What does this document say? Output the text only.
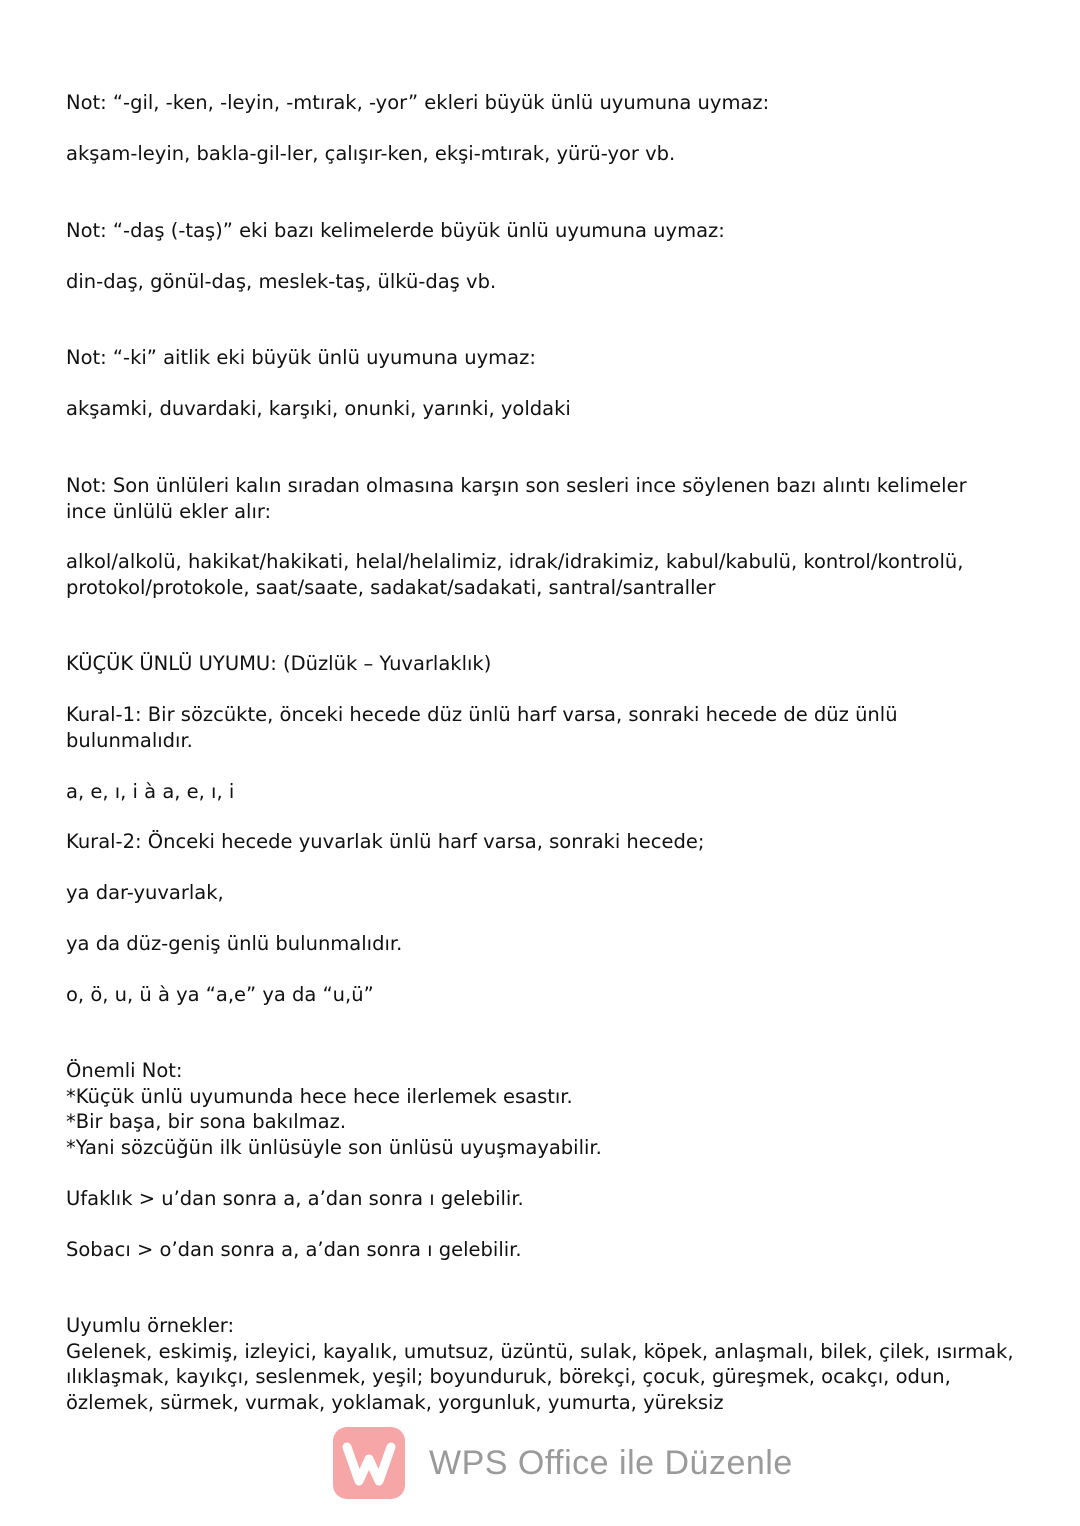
Not: “-gil, -ken, -leyin, -mtırak, -yor” ekleri büyük ünlü uyumuna uymaz:
akşam-leyin, bakla-gil-ler, çalışır-ken, ekşi-mtırak, yürü-yor vb.
Not: “-daş (-taş)” eki bazı kelimelerde büyük ünlü uyumuna uymaz:
din-daş, gönül-daş, meslek-taş, ülkü-daş vb.
Not: “-ki” aitlik eki büyük ünlü uyumuna uymaz:
akşamki, duvardaki, karşıki, onunki, yarınki, yoldaki
Not: Son ünlüleri kalın sıradan olmasına karşın son sesleri ince söylenen bazı alıntı kelimeler
ince ünlülü ekler alır:
alkol/alkolü, hakikat/hakikati, helal/helalimiz, idrak/idrakimiz, kabul/kabulü, kontrol/kontrolü,
protokol/protokole, saat/saate, sadakat/sadakati, santral/santraller
KÜÇÜK ÜNLÜ UYUMU: (Düzlük – Yuvarlaklık)
Kural-1: Bir sözcükte, önceki hecede düz ünlü harf varsa, sonraki hecede de düz ünlü
bulunmalıdır.
a, e, ı, i à a, e, ı, i
Kural-2: Önceki hecede yuvarlak ünlü harf varsa, sonraki hecede;
ya dar-yuvarlak,
ya da düz-geniş ünlü bulunmalıdır.
o, ö, u, ü à ya “a,e” ya da “u,ü”
Önemli Not:
*Küçük ünlü uyumunda hece hece ilerlemek esastır.
*Bir başa, bir sona bakılmaz.
*Yani sözcüğün ilk ünlüsüyle son ünlüsü uyuşmayabilir.
Ufaklık > u’dan sonra a, a’dan sonra ı gelebilir.
Sobacı > o’dan sonra a, a’dan sonra ı gelebilir.
Uyumlu örnekler:
Gelenek, eskimiş, izleyici, kayalık, umutsuz, üzüntü, sulak, köpek, anlaşmalı, bilek, çilek, ısırmak,
ılıklaşmak, kayıkçı, seslenmek, yeşil; boyunduruk, börekçi, çocuk, güreşmek, ocakçı, odun,
özlemek, sürmek, vurmak, yoklamak, yorgunluk, yumurta, yüreksiz
WPS Office ile Düzenle
